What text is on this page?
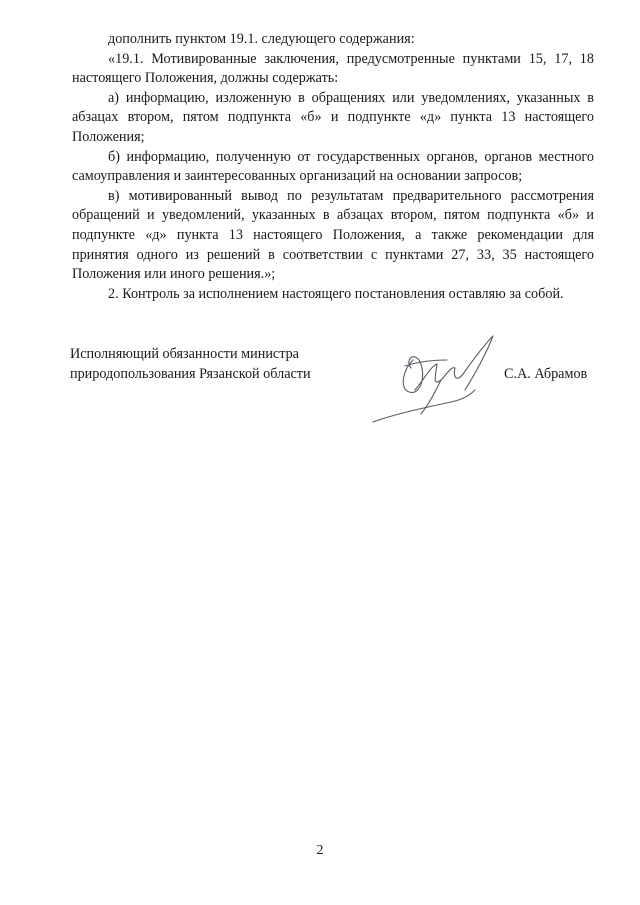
дополнить пунктом 19.1. следующего содержания:

«19.1. Мотивированные заключения, предусмотренные пунктами 15, 17, 18 настоящего Положения, должны содержать:

а) информацию, изложенную в обращениях или уведомлениях, указанных в абзацах втором, пятом подпункта «б» и подпункте «д» пункта 13 настоящего Положения;

б) информацию, полученную от государственных органов, органов местного самоуправления и заинтересованных организаций на основании запросов;

в) мотивированный вывод по результатам предварительного рассмотрения обращений и уведомлений, указанных в абзацах втором, пятом подпункта «б» и подпункте «д» пункта 13 настоящего Положения, а также рекомендации для принятия одного из решений в соответствии с пунктами 27, 33, 35 настоящего Положения или иного решения.»;

2. Контроль за исполнением настоящего постановления оставляю за собой.

Исполняющий обязанности министра
природопользования Рязанской области	С.А. Абрамов
2
